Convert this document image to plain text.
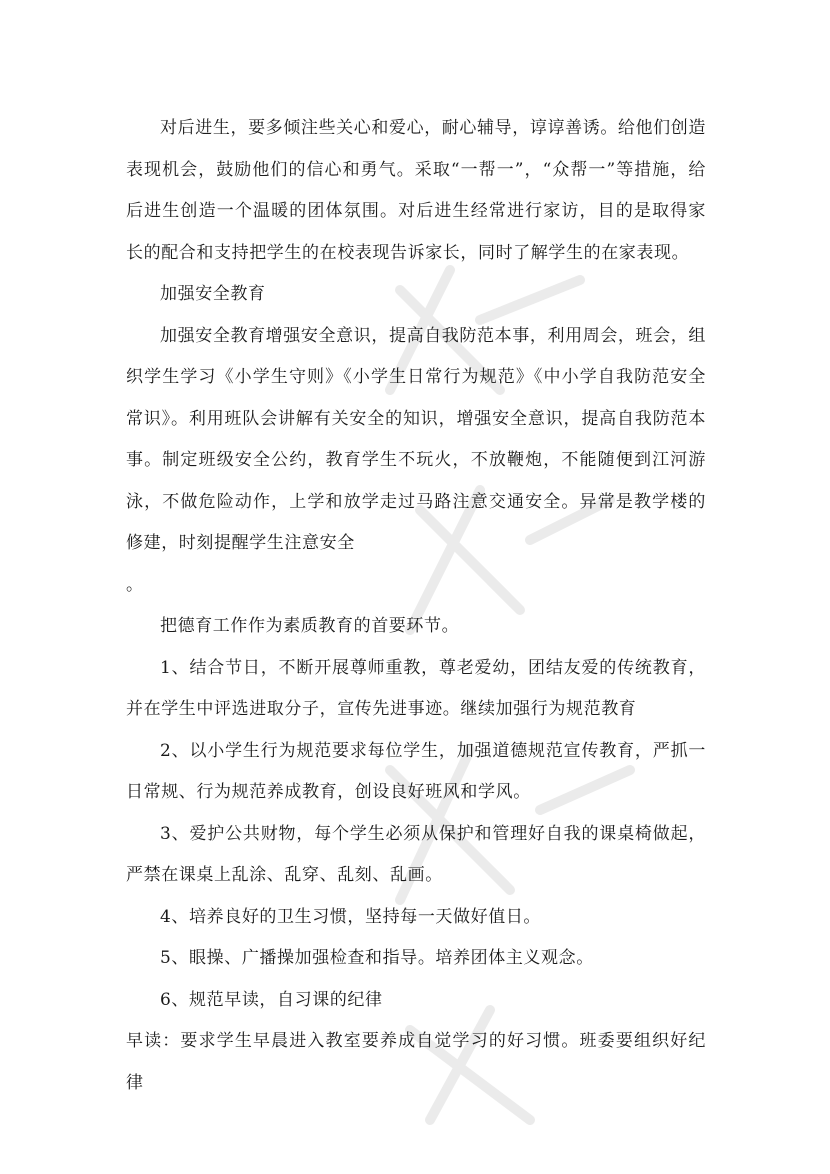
对后进生，要多倾注些关心和爱心，耐心辅导，谆谆善诱。给他们创造表现机会，鼓励他们的信心和勇气。采取“一帮一”，“众帮一”等措施，给后进生创造一个温暖的团体氛围。对后进生经常进行家访，目的是取得家长的配合和支持把学生的在校表现告诉家长，同时了解学生的在家表现。

加强安全教育

加强安全教育增强安全意识，提高自我防范本事，利用周会，班会，组织学生学习《小学生守则》《小学生日常行为规范》《中小学自我防范安全常识》。利用班队会讲解有关安全的知识，增强安全意识，提高自我防范本事。制定班级安全公约，教育学生不玩火，不放鞭炮，不能随便到江河游泳，不做危险动作，上学和放学走过马路注意交通安全。异常是教学楼的修建，时刻提醒学生注意安全

。

把德育工作作为素质教育的首要环节。

1、结合节日，不断开展尊师重教，尊老爱幼，团结友爱的传统教育，并在学生中评选进取分子，宣传先进事迹。继续加强行为规范教育

2、以小学生行为规范要求每位学生，加强道德规范宣传教育，严抓一日常规、行为规范养成教育，创设良好班风和学风。

3、爱护公共财物，每个学生必须从保护和管理好自我的课桌椅做起，严禁在课桌上乱涂、乱穿、乱刻、乱画。

4、培养良好的卫生习惯，坚持每一天做好值日。

5、眼操、广播操加强检查和指导。培养团体主义观念。

6、规范早读，自习课的纪律

早读：要求学生早晨进入教室要养成自觉学习的好习惯。班委要组织好纪律
